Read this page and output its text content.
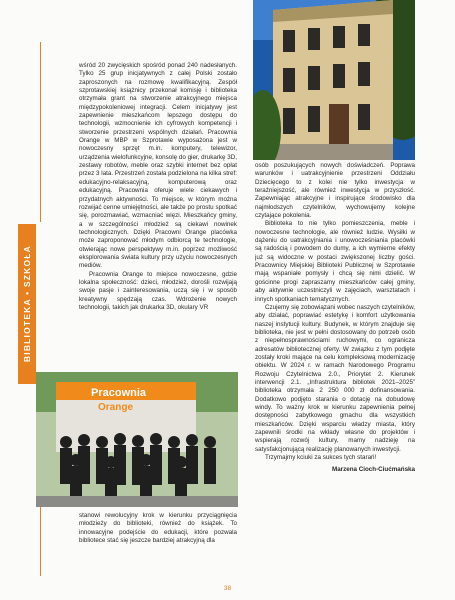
BIBLIOTEKA • SZKOŁA

wśród 20 zwycięskich spośród ponad 240 nadesłanych. Tylko 25 grup inicjatywnych z całej Polski zostało zaproszonych na rozmowę kwalifikacyjną. Zespół szprotawskiej książnicy przekonał komisję i biblioteka otrzymała grant na stworzenie atrakcyjnego miejsca międzypokoleniowej integracji. Celem inicjatywy jest zapewnienie mieszkańcom lepszego dostępu do technologii, wzmocnienie ich cyfrowych kompetencji i stworzenie przestrzeni wspólnych działań. Pracownia Orange w MBP w Szprotawie wyposażona jest w nowoczesny sprzęt m.in. komputery, telewizor, urządzenia wielofunkcyjne, konsolę do gier, drukarkę 3D, zestawy robotów, meble oraz szybki internet bez opłat przez 3 lata. Przestrzeń została podzielona na kilka stref: edukacyjno-relaksacyjną, komputerową oraz edukacyjną. Pracownia oferuje wiele ciekawych i przydatnych aktywności. To miejsce, w którym można rozwijać cenne umiejętności, ale także po prostu spotkać się, porozmawiać, wzmacniać więzi. Mieszkańcy gminy, a w szczególności młodzież są ciekawi nowinek technologicznych. Dzięki Pracowni Orange placówka może zaproponować młodym odbiorcą te technologie, otwierając nowe perspektywy m.in. poprzez możliwość eksplorowania świata kultury przy użyciu nowoczesnych mediów.

Pracownia Orange to miejsce nowoczesne, gdzie lokalna społeczność: dzieci, młodzież, dorośli rozwijają swoje pasje i zainteresowania, uczą się i w sposób kreatywny spędzają czas. Wdrożenie nowych technologii, takich jak drukarka 3D, okulary VR

Pracownia
Orange

stanowi rewolucyjny krok w kierunku przyciągnięcia młodzieży do biblioteki, również do książek. To innowacyjne podejście do edukacji, które pozwala bibliotece stać się jeszcze bardziej atrakcyjną dla

osób poszukujących nowych doświadczeń. Poprawa warunków i uatrakcyjnienie przestrzeni Oddziału Dziecięcego to z kolei nie tylko inwestycja w teraźniejszość, ale również inwestycja w przyszłość. Zapewniając atrakcyjne i inspirujące środowisko dla najmłodszych czytelników, wychowujemy kolejne czytające pokolenia.

Biblioteka to nie tylko pomieszczenia, meble i nowoczesne technologie, ale również ludzie. Wysiłki w dążeniu do uatrakcyjniania i unowocześniania placówki są radością i powodem do dumy, a ich wymierne efekty już są widoczne w postaci zwiększonej liczby gości. Pracownicy Miejskiej Biblioteki Publicznej w Szprotawie mają wspaniałe pomysły i chcą się nimi dzielić. W gościnne progi zapraszamy mieszkańców całej gminy, aby aktywnie uczestniczyli w zajęciach, warsztatach i innych spotkaniach tematycznych.

Czujemy się zobowiązani wobec naszych czytelników, aby działać, poprawiać estetykę i komfort użytkowania naszej instytucji kultury. Budynek, w którym znajduje się biblioteka, nie jest w pełni dostosowany do potrzeb osób z niepełnosprawnościami ruchowymi, co ogranicza adresatów bibliotecznej oferty. W związku z tym podjęte zostały kroki mające na celu kompleksową modernizację obiektu. W 2024 r. w ramach Narodowego Programu Rozwoju Czytelnictwa 2.0., Priorytet 2. Kierunek interwencji 2.1. „Infrastruktura bibliotek 2021–2025” biblioteka otrzymała 2 250 000 zł dofinansowania. Dodatkowo podjęto starania o dotację na dobudowę windy. To ważny krok w kierunku zapewnienia pełnej dostępności zabytkowego gmachu dla wszystkich mieszkańców. Dzięki wsparciu władzy miasta, który zapewnili środki na wkłady własne do projektów i wspierają rozwój kultury, mamy nadzieję na satysfakcjonującą realizację planowanych inwestycji.

Trzymajmy kciuki za sukces tych starań!

Marzena Cioch-Ciućmańska

38
